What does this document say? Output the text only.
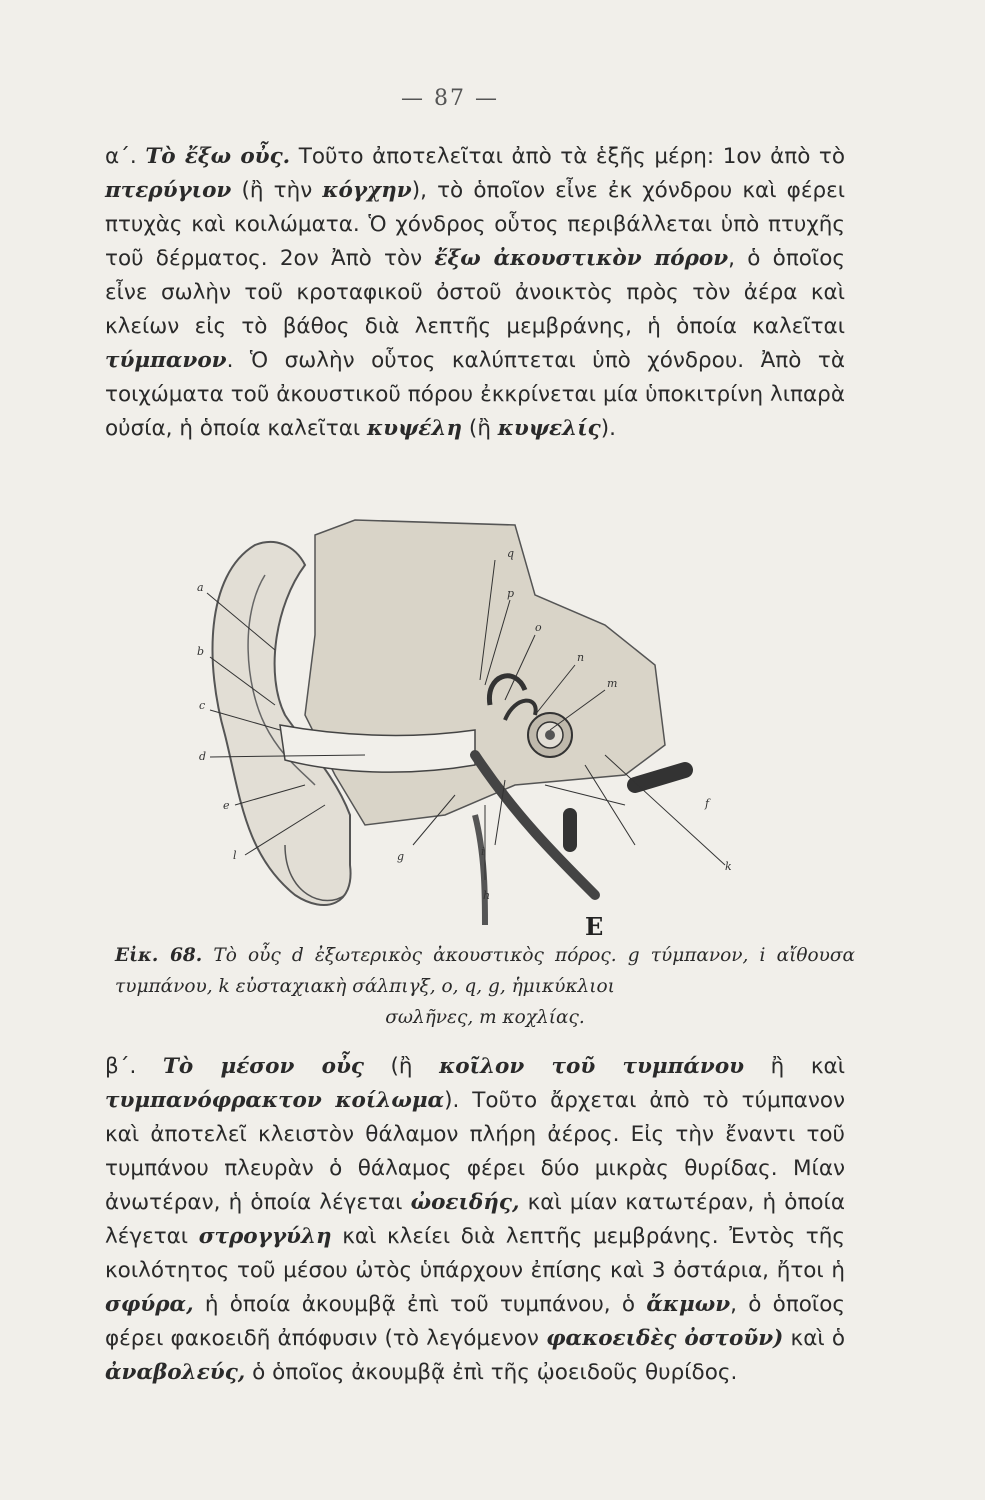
— 87 —
α΄. Τὸ ἔξω οὖς. Τοῦτο ἀποτελεῖται ἀπὸ τὰ ἑξῆς μέρη: 1ον ἀπὸ τὸ πτερύγιον (ἢ τὴν κόγχην), τὸ ὁποῖον εἶνε ἐκ χόνδρου καὶ φέρει πτυχὰς καὶ κοιλώματα. Ὁ χόνδρος οὗτος περιβάλλεται ὑπὸ πτυχῆς τοῦ δέρματος. 2ον Ἀπὸ τὸν ἔξω ἀκουστικὸν πόρον, ὁ ὁποῖος εἶνε σωλὴν τοῦ κροταφικοῦ ὀστοῦ ἀνοικτὸς πρὸς τὸν ἀέρα καὶ κλείων εἰς τὸ βάθος διὰ λεπτῆς μεμβράνης, ἡ ὁποία καλεῖται τύμπανον. Ὁ σωλὴν οὗτος καλύπτεται ὑπὸ χόνδρου. Ἀπὸ τὰ τοιχώματα τοῦ ἀκουστικοῦ πόρου ἐκκρίνεται μία ὑποκιτρίνη λιπαρὰ οὐσία, ἡ ὁποία καλεῖται κυψέλη (ἢ κυψελίς).
a
b
c
d
e	f
g
h
i
k
l
m
n
o
p
q
E
Εἰκ. 68. Τὸ οὖς d ἐξωτερικὸς ἀκουστικὸς πόρος. g τύμπανον, i αἴθουσα τυμπάνου, k εὐσταχιακὴ σάλπιγξ, o, q, g, ἡμικύκλιοι
σωλῆνες, m κοχλίας.
β΄. Τὸ μέσον οὖς (ἢ κοῖλον τοῦ τυμπάνου ἢ καὶ τυμπανόφρακτον κοίλωμα). Τοῦτο ἄρχεται ἀπὸ τὸ τύμπανον καὶ ἀποτελεῖ κλειστὸν θάλαμον πλήρη ἀέρος. Εἰς τὴν ἔναντι τοῦ τυμπάνου πλευρὰν ὁ θάλαμος φέρει δύο μικρὰς θυρίδας. Μίαν ἀνωτέραν, ἡ ὁποία λέγεται ὠοειδής, καὶ μίαν κατωτέραν, ἡ ὁποία λέγεται στρογγύλη καὶ κλείει διὰ λεπτῆς μεμβράνης. Ἐντὸς τῆς κοιλότητος τοῦ μέσου ὠτὸς ὑπάρχουν ἐπίσης καὶ 3 ὀστάρια, ἤτοι ἡ σφύρα, ἡ ὁποία ἀκουμβᾷ ἐπὶ τοῦ τυμπάνου, ὁ ἄκμων, ὁ ὁποῖος φέρει φακοειδῆ ἀπόφυσιν (τὸ λεγόμενον φακοειδὲς ὀστοῦν) καὶ ὁ ἀναβολεύς, ὁ ὁποῖος ἀκουμβᾷ ἐπὶ τῆς ᾠοειδοῦς θυρίδος.
